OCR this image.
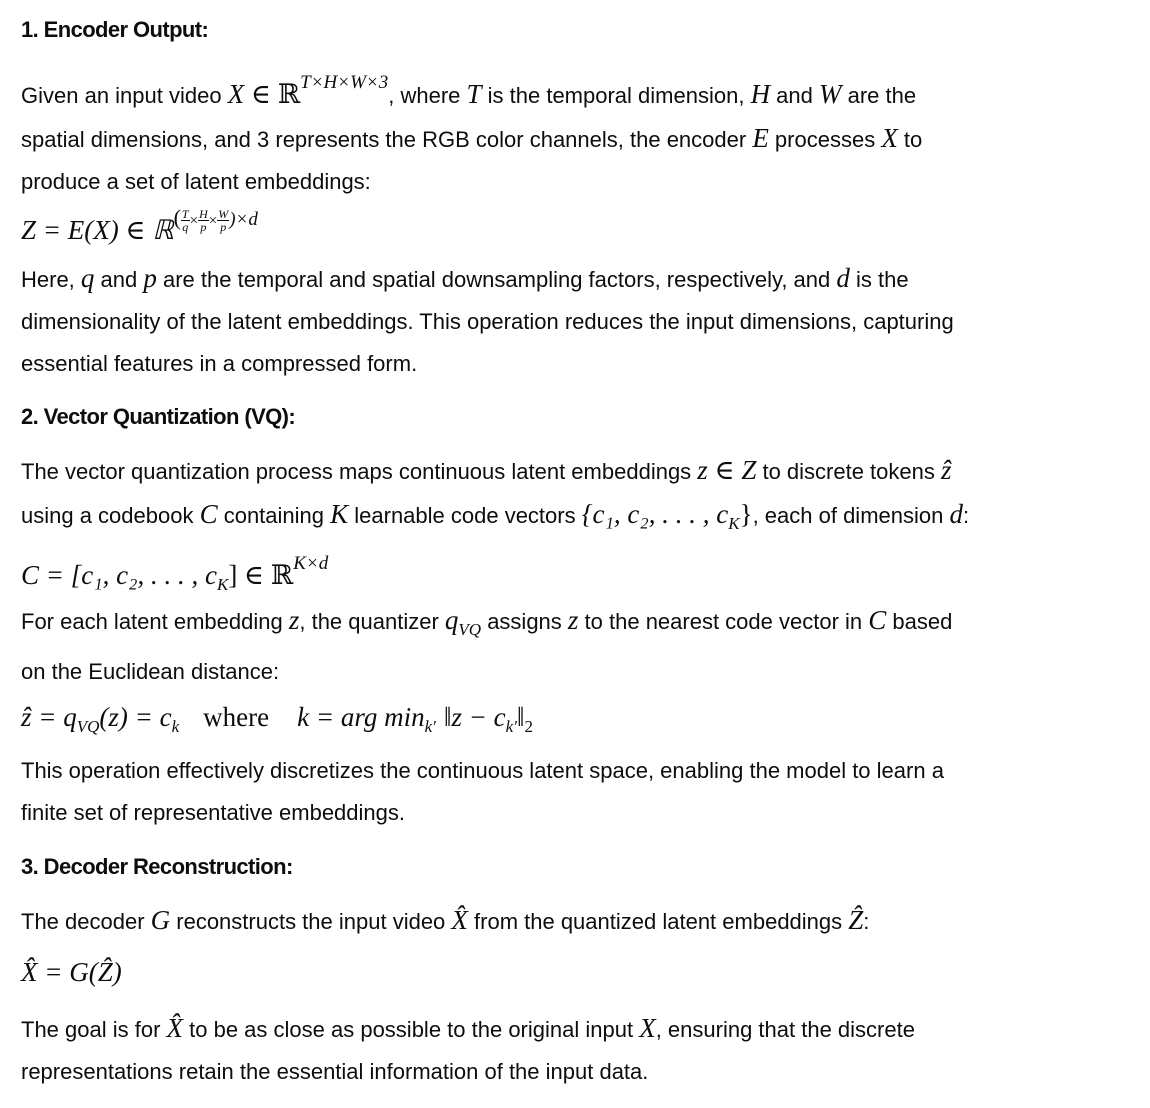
1. Encoder Output:
Given an input video X ∈ ℝ$^{T\times H\times W\times 3}$, where T is the temporal dimension, H and W are the
spatial dimensions, and 3 represents the RGB color channels, the encoder E processes X to
produce a set of latent embeddings:
Z = E(X) ∈ ℝ( $\frac{T}{q} ^\times \frac{H}{p} ^\times \frac{W}{p} )\times d$
Here, q and p are the temporal and spatial downsampling factors, respectively, and d is the
dimensionality of the latent embeddings. This operation reduces the input dimensions, capturing
essential features in a compressed form.
2. Vector Quantization (VQ):
The vector quantization process maps continuous latent embeddings z ∈ Z to discrete tokens ẑ
using a codebook C containing K learnable code vectors {c₁, c₂, . . . , $c_K$}, each of dimension d:
C = [c₁, c₂, . . . , $c_K$] ∈ ℝ$^{K\times d}$
For each latent embedding z, the quantizer $q_{VQ}$ assigns z to the nearest code vector in C based
on the Euclidean distance:
ẑ = $q_{VQ}(z) = c_k$ where k = arg $\min_{k'}$ ‖z − $c_{k'}‖_2$
This operation effectively discretizes the continuous latent space, enabling the model to learn a
finite set of representative embeddings.
3. Decoder Reconstruction:
The decoder G reconstructs the input video X̂ from the quantized latent embeddings Ẑ:
X̂ = G(Ẑ)
The goal is for X̂ to be as close as possible to the original input X, ensuring that the discrete
representations retain the essential information of the input data.
